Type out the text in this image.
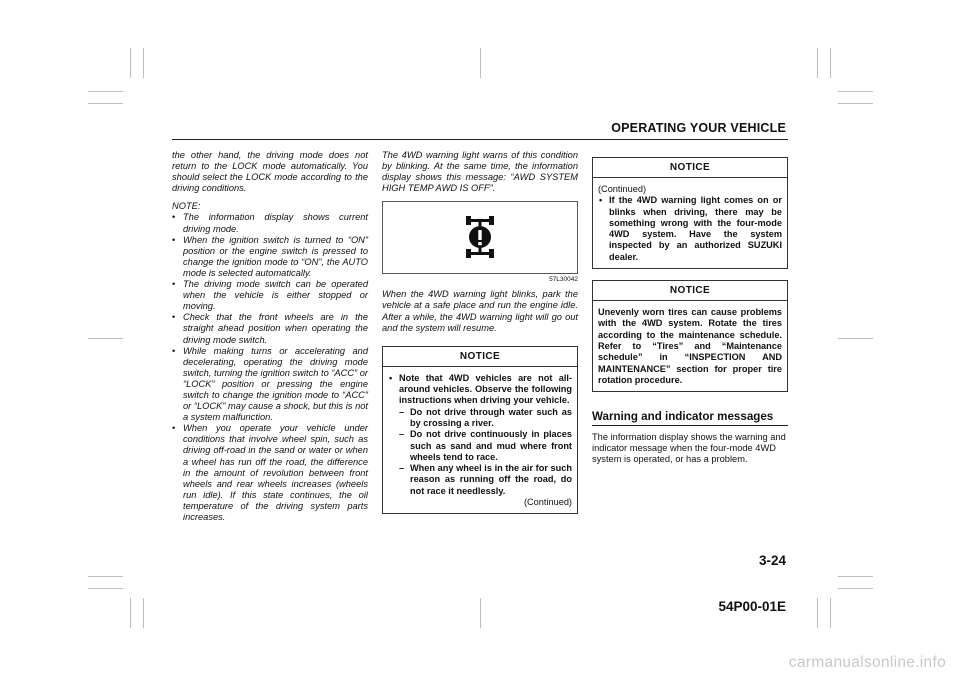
OPERATING YOUR VEHICLE

the other hand, the driving mode does not return to the LOCK mode automatically. You should select the LOCK mode according to the driving conditions.

NOTE:

• The information display shows current driving mode.
• When the ignition switch is turned to “ON” position or the engine switch is pressed to change the ignition mode to “ON”, the AUTO mode is selected automatically.
• The driving mode switch can be operated when the vehicle is either stopped or moving.
• Check that the front wheels are in the straight ahead position when operating the driving mode switch.
• While making turns or accelerating and decelerating, operating the driving mode switch, turning the ignition switch to “ACC” or “LOCK” position or pressing the engine switch to change the ignition mode to “ACC” or “LOCK” may cause a shock, but this is not a system malfunction.
• When you operate your vehicle under conditions that involve wheel spin, such as driving off-road in the sand or water or when a wheel has run off the road, the difference in the amount of revolution between front wheels and rear wheels increases (wheels run idle). If this state continues, the oil temperature of the driving system parts increases.

The 4WD warning light warns of this condition by blinking. At the same time, the information display shows this message: “AWD SYSTEM HIGH TEMP AWD IS OFF”.

57L30042

When the 4WD warning light blinks, park the vehicle at a safe place and run the engine idle. After a while, the 4WD warning light will go out and the system will resume.

NOTICE
• Note that 4WD vehicles are not all-around vehicles. Observe the following instructions when driving your vehicle.
– Do not drive through water such as by crossing a river.
– Do not drive continuously in places such as sand and mud where front wheels tend to race.
– When any wheel is in the air for such reason as running off the road, do not race it needlessly.
(Continued)
NOTICE
(Continued)
• If the 4WD warning light comes on or blinks when driving, there may be something wrong with the four-mode 4WD system. Have the system inspected by an authorized SUZUKI dealer.
NOTICE
Unevenly worn tires can cause problems with the 4WD system. Rotate the tires according to the maintenance schedule. Refer to “Tires” and “Maintenance schedule” in “INSPECTION AND MAINTENANCE” section for proper tire rotation procedure.
Warning and indicator messages

The information display shows the warning and indicator message when the four-mode 4WD system is operated, or has a problem.

3-24
54P00-01E
carmanualsonline.info
